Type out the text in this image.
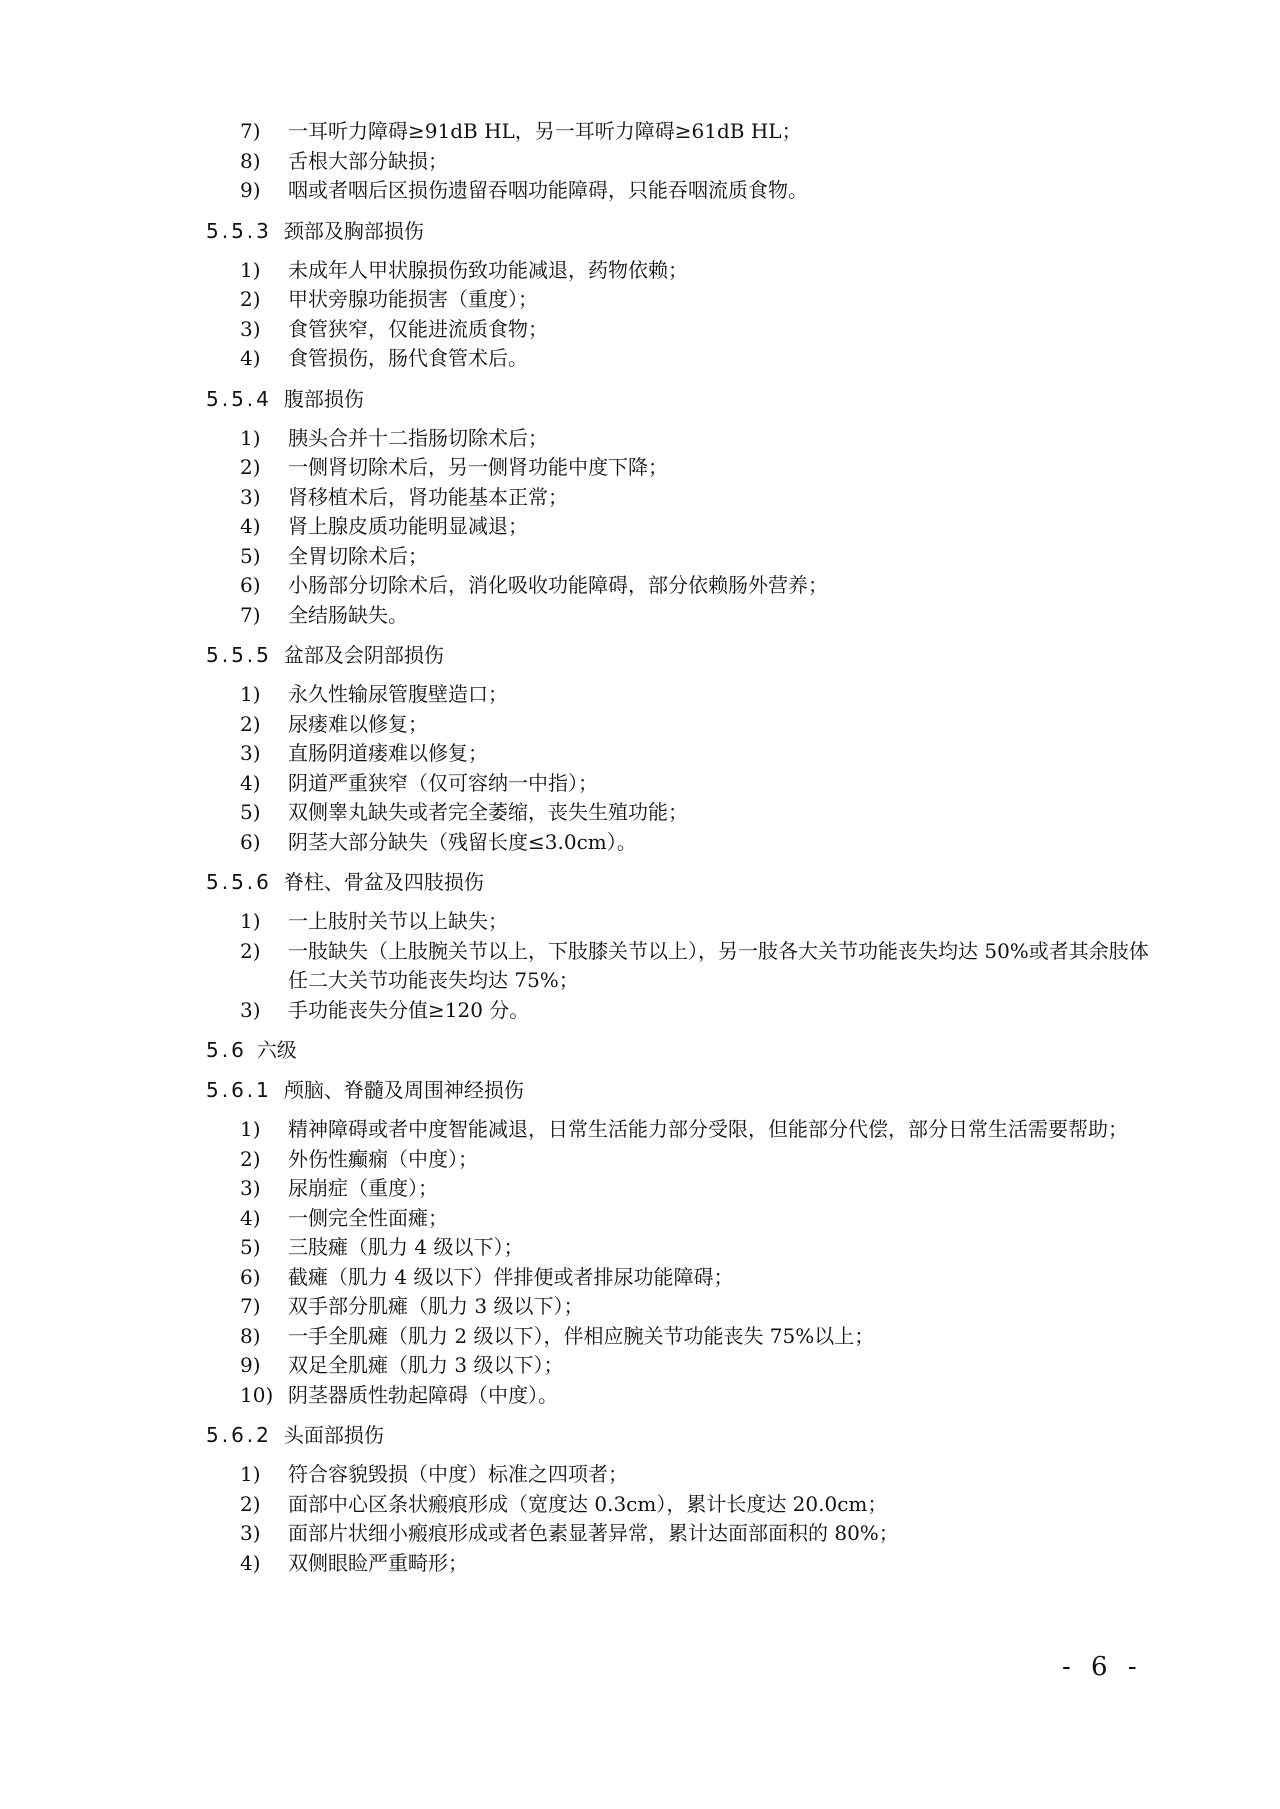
7)	一耳听力障碍≥91dB HL，另一耳听力障碍≥61dB HL；
8)	舌根大部分缺损；
9)	咽或者咽后区损伤遗留吞咽功能障碍，只能吞咽流质食物。
5.5.3 颈部及胸部损伤
1)	未成年人甲状腺损伤致功能减退，药物依赖；
2)	甲状旁腺功能损害（重度）；
3)	食管狭窄，仅能进流质食物；
4)	食管损伤，肠代食管术后。
5.5.4 腹部损伤
1)	胰头合并十二指肠切除术后；
2)	一侧肾切除术后，另一侧肾功能中度下降；
3)	肾移植术后，肾功能基本正常；
4)	肾上腺皮质功能明显减退；
5)	全胃切除术后；
6)	小肠部分切除术后，消化吸收功能障碍，部分依赖肠外营养；
7)	全结肠缺失。
5.5.5 盆部及会阴部损伤
1)	永久性输尿管腹壁造口；
2)	尿瘘难以修复；
3)	直肠阴道瘘难以修复；
4)	阴道严重狭窄（仅可容纳一中指）；
5)	双侧睾丸缺失或者完全萎缩，丧失生殖功能；
6)	阴茎大部分缺失（残留长度≤3.0cm）。
5.5.6 脊柱、骨盆及四肢损伤
1)	一上肢肘关节以上缺失；
2)	一肢缺失（上肢腕关节以上，下肢膝关节以上），另一肢各大关节功能丧失均达 50%或者其余肢体任二大关节功能丧失均达 75%；
3)	手功能丧失分值≥120 分。
5.6 六级
5.6.1 颅脑、脊髓及周围神经损伤
1)	精神障碍或者中度智能减退，日常生活能力部分受限，但能部分代偿，部分日常生活需要帮助；
2)	外伤性癫痫（中度）；
3)	尿崩症（重度）；
4)	一侧完全性面瘫；
5)	三肢瘫（肌力 4 级以下）；
6)	截瘫（肌力 4 级以下）伴排便或者排尿功能障碍；
7)	双手部分肌瘫（肌力 3 级以下）；
8)	一手全肌瘫（肌力 2 级以下），伴相应腕关节功能丧失 75%以上；
9)	双足全肌瘫（肌力 3 级以下）；
10) 阴茎器质性勃起障碍（中度）。
5.6.2 头面部损伤
1)	符合容貌毁损（中度）标准之四项者；
2)	面部中心区条状瘢痕形成（宽度达 0.3cm），累计长度达 20.0cm；
3)	面部片状细小瘢痕形成或者色素显著异常，累计达面部面积的 80%；
4)	双侧眼睑严重畸形；
- 6 -
